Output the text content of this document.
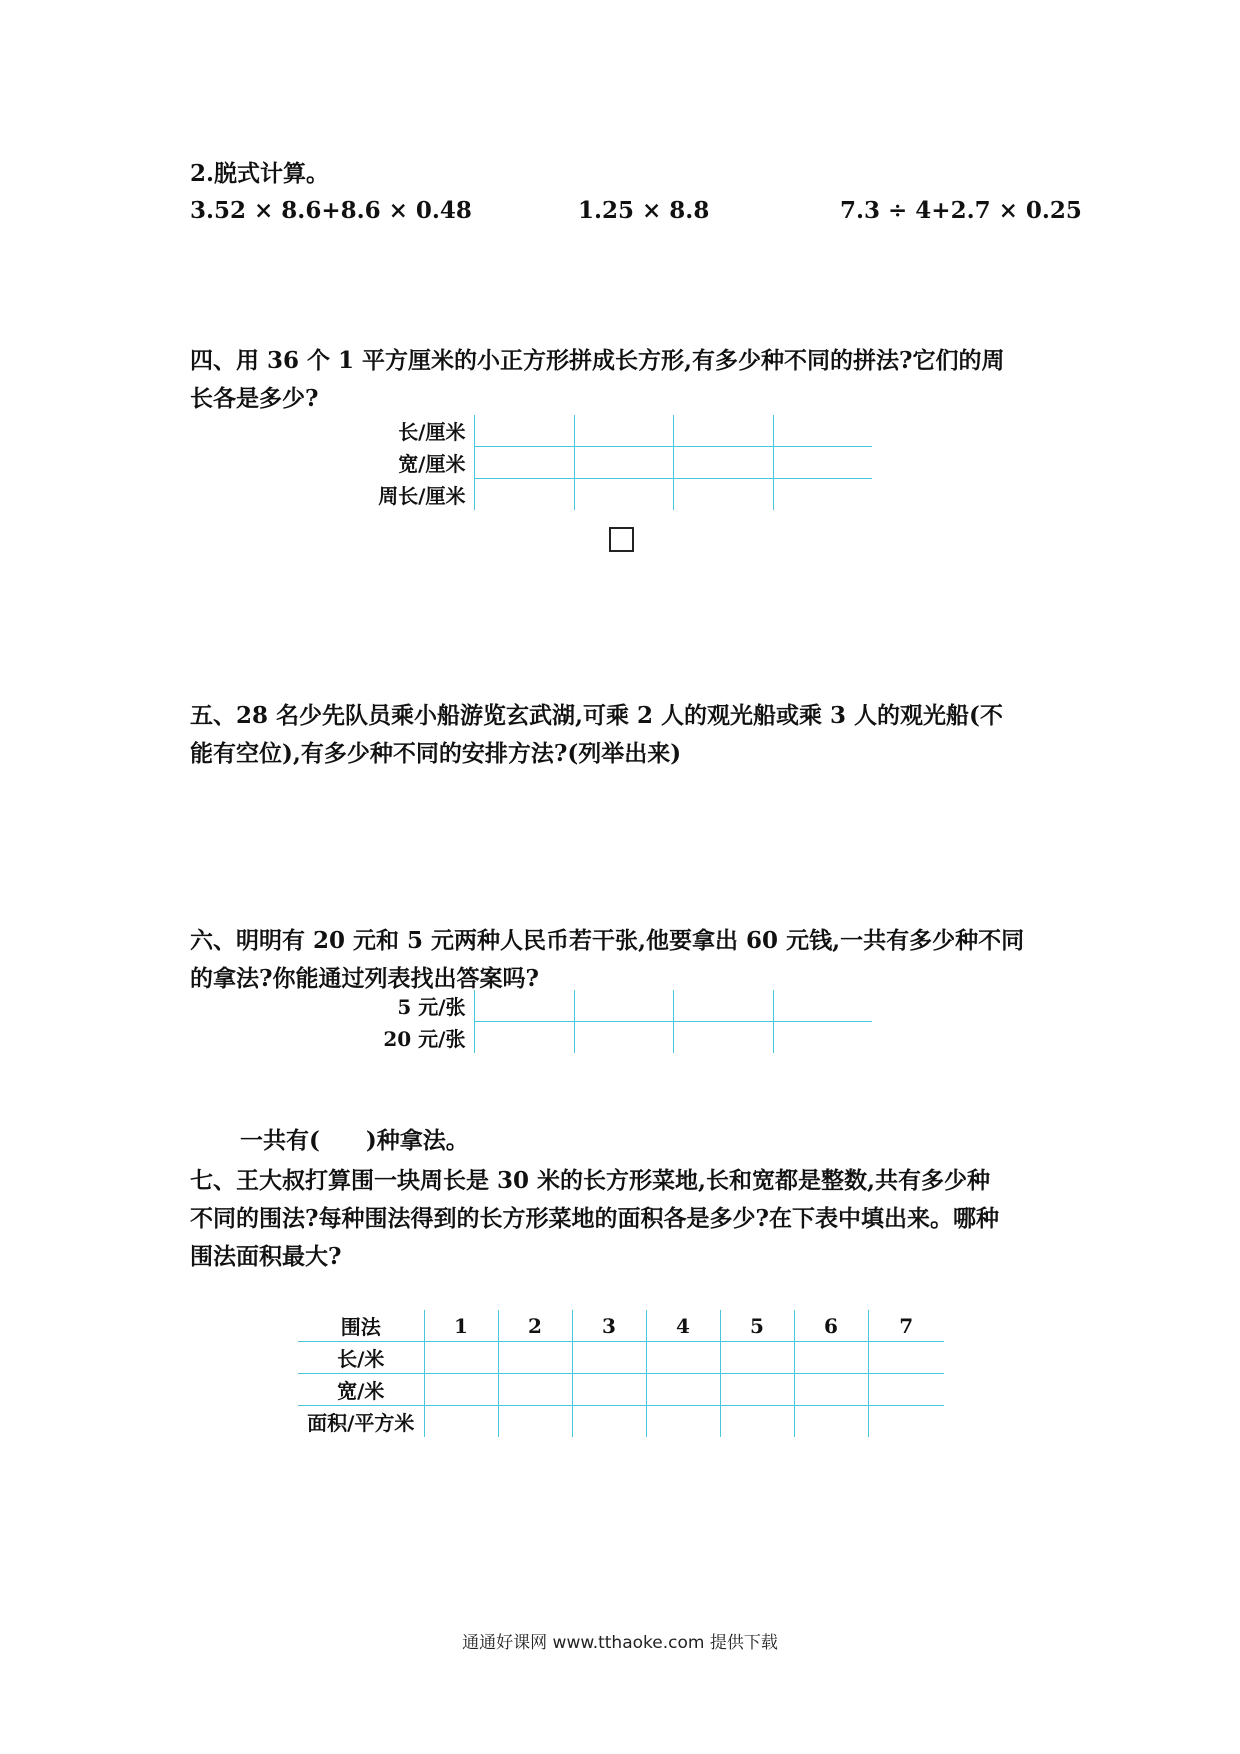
2.脱式计算。
3.52 × 8.6+8.6 × 0.48	1.25 × 8.8	7.3 ÷ 4+2.7 × 0.25
四、用 36 个 1 平方厘米的小正方形拼成长方形,有多少种不同的拼法?它们的周
长各是多少?
长/厘米				
宽/厘米				
周长/厘米				
五、28 名少先队员乘小船游览玄武湖,可乘 2 人的观光船或乘 3 人的观光船(不
能有空位),有多少种不同的安排方法?(列举出来)
六、明明有 20 元和 5 元两种人民币若干张,他要拿出 60 元钱,一共有多少种不同
的拿法?你能通过列表找出答案吗?
5 元/张				
20 元/张				
一共有(　　)种拿法。
七、王大叔打算围一块周长是 30 米的长方形菜地,长和宽都是整数,共有多少种
不同的围法?每种围法得到的长方形菜地的面积各是多少?在下表中填出来。哪种
围法面积最大?
围法	1	2	3	4	5	6	7
长/米							
宽/米							
面积/平方米							
通通好课网 www.tthaoke.com 提供下载
